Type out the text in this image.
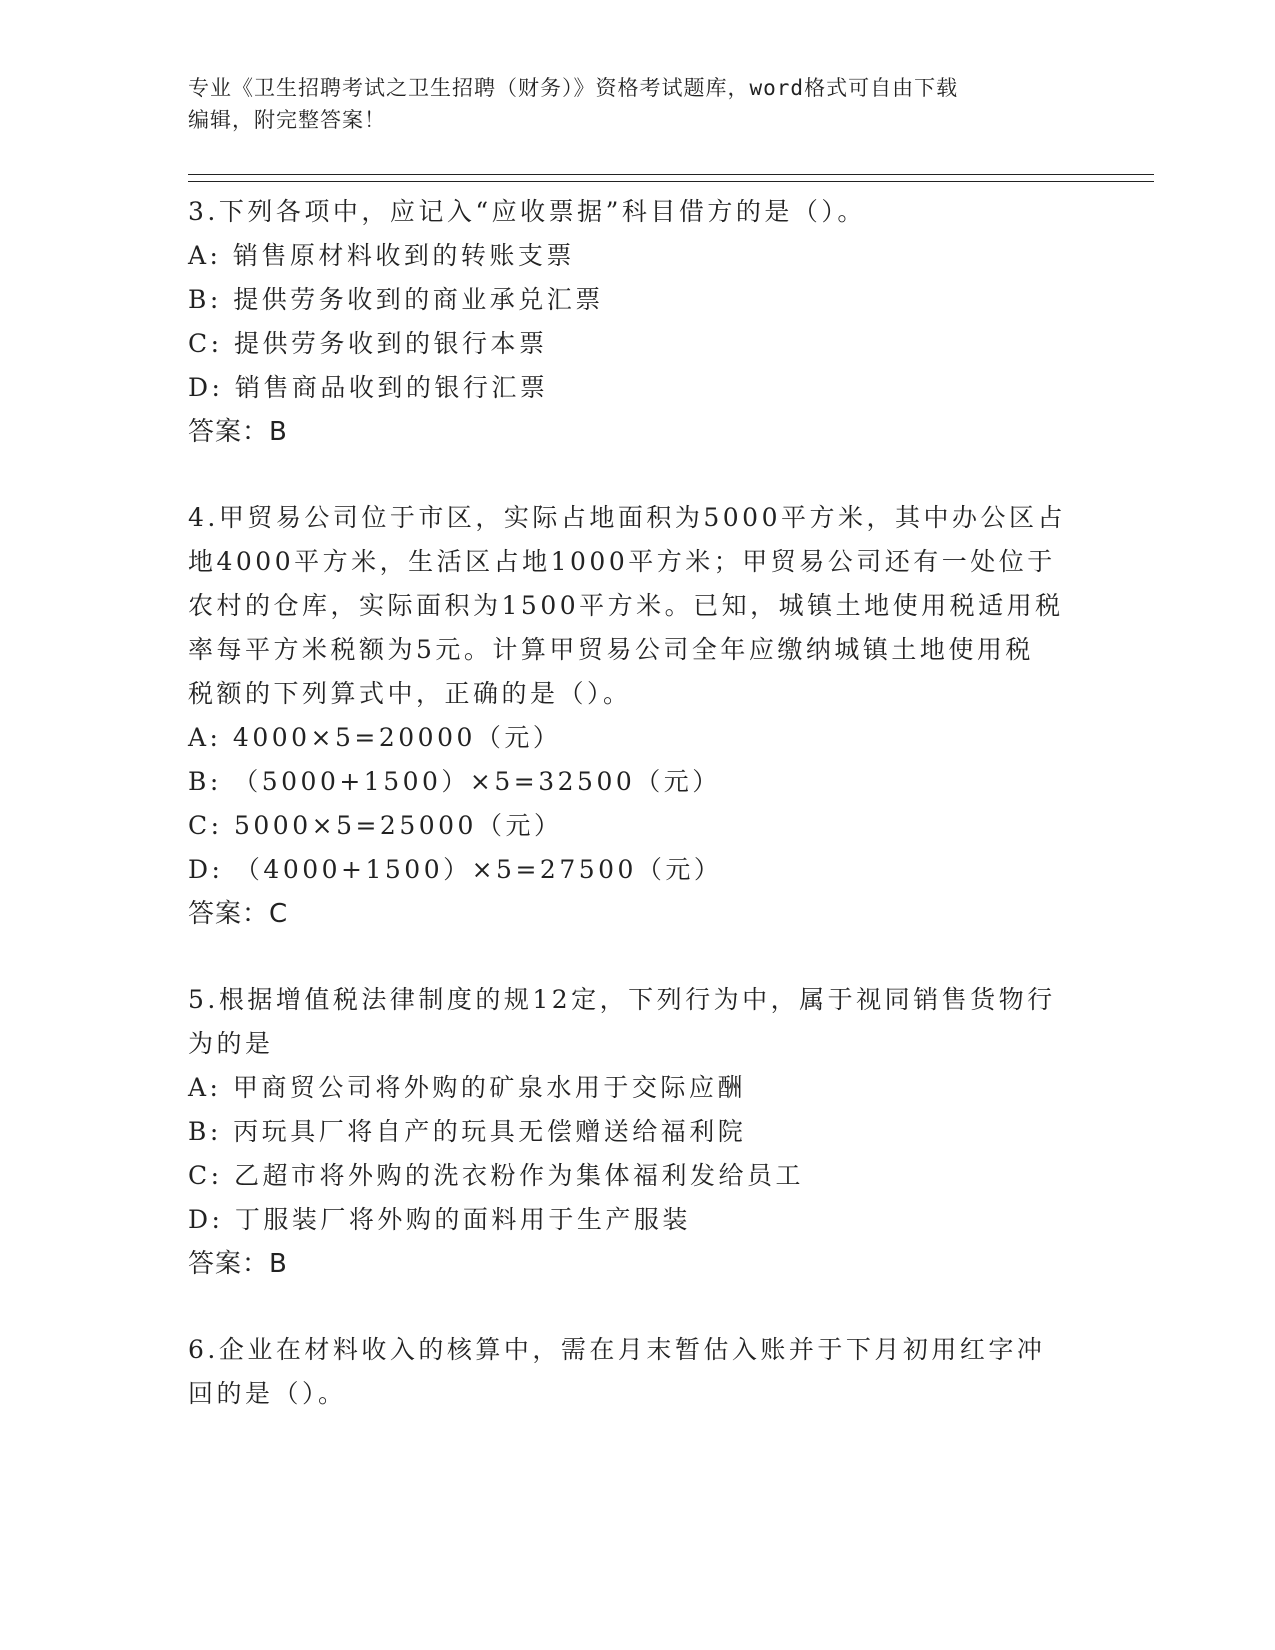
专业《卫生招聘考试之卫生招聘（财务）》资格考试题库，word格式可自由下载
编辑，附完整答案！
3.下列各项中，应记入“应收票据”科目借方的是（）。
A: 销售原材料收到的转账支票
B: 提供劳务收到的商业承兑汇票
C: 提供劳务收到的银行本票
D: 销售商品收到的银行汇票
答案：B
4.甲贸易公司位于市区，实际占地面积为5000平方米，其中办公区占
地4000平方米，生活区占地1000平方米；甲贸易公司还有一处位于
农村的仓库，实际面积为1500平方米。已知，城镇土地使用税适用税
率每平方米税额为5元。计算甲贸易公司全年应缴纳城镇土地使用税
税额的下列算式中，正确的是（）。
A: 4000×5=20000（元）
B: （5000+1500）×5=32500（元）
C: 5000×5=25000（元）
D: （4000+1500）×5=27500（元）
答案：C
5.根据增值税法律制度的规12定，下列行为中，属于视同销售货物行
为的是
A: 甲商贸公司将外购的矿泉水用于交际应酬
B: 丙玩具厂将自产的玩具无偿赠送给福利院
C: 乙超市将外购的洗衣粉作为集体福利发给员工
D: 丁服装厂将外购的面料用于生产服装
答案：B
6.企业在材料收入的核算中，需在月末暂估入账并于下月初用红字冲
回的是（）。
